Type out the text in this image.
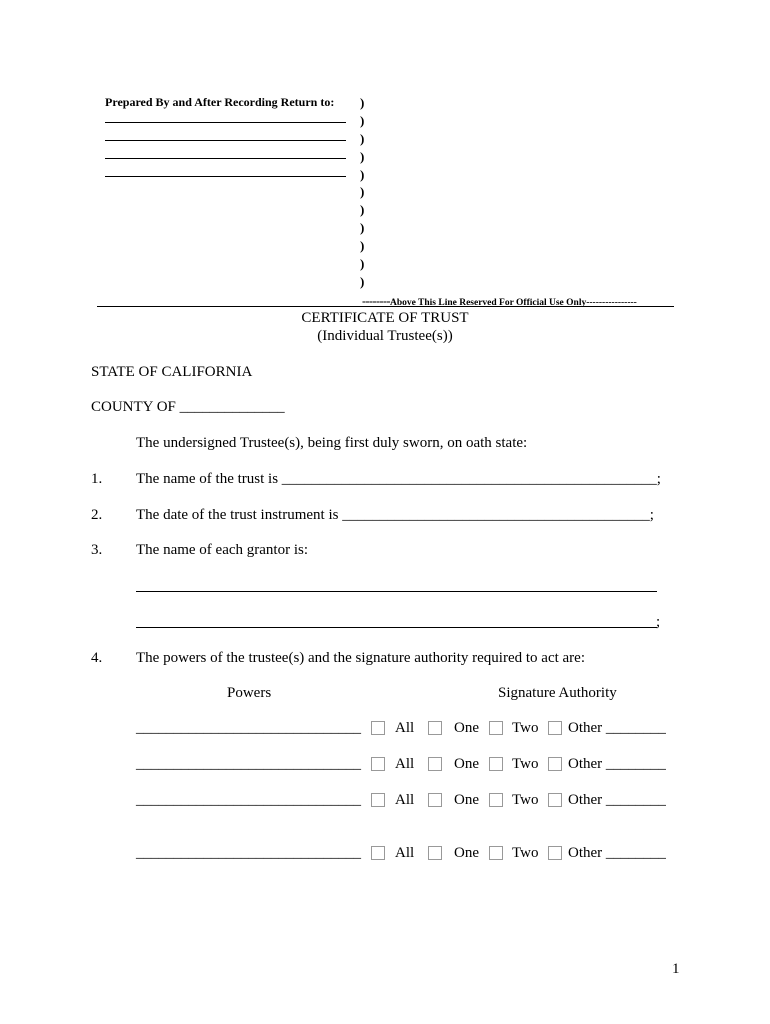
Prepared By and After Recording Return to: )
)
)
)
)
)
)
)
)
)
)
--------Above This Line Reserved For Official Use Only----------------
CERTIFICATE OF TRUST
(Individual Trustee(s))
STATE OF CALIFORNIA
COUNTY OF ______________
The undersigned Trustee(s), being first duly sworn, on oath state:
1. The name of the trust is __________________________________________________;
2. The date of the trust instrument is _________________________________________;
3. The name of each grantor is:
;
4. The powers of the trustee(s) and the signature authority required to act are:
Powers	Signature Authority
______________________________ All	One Two Other ________
______________________________ All	One Two Other ________
______________________________ All	One Two Other ________
______________________________ All	One Two Other ________
1
